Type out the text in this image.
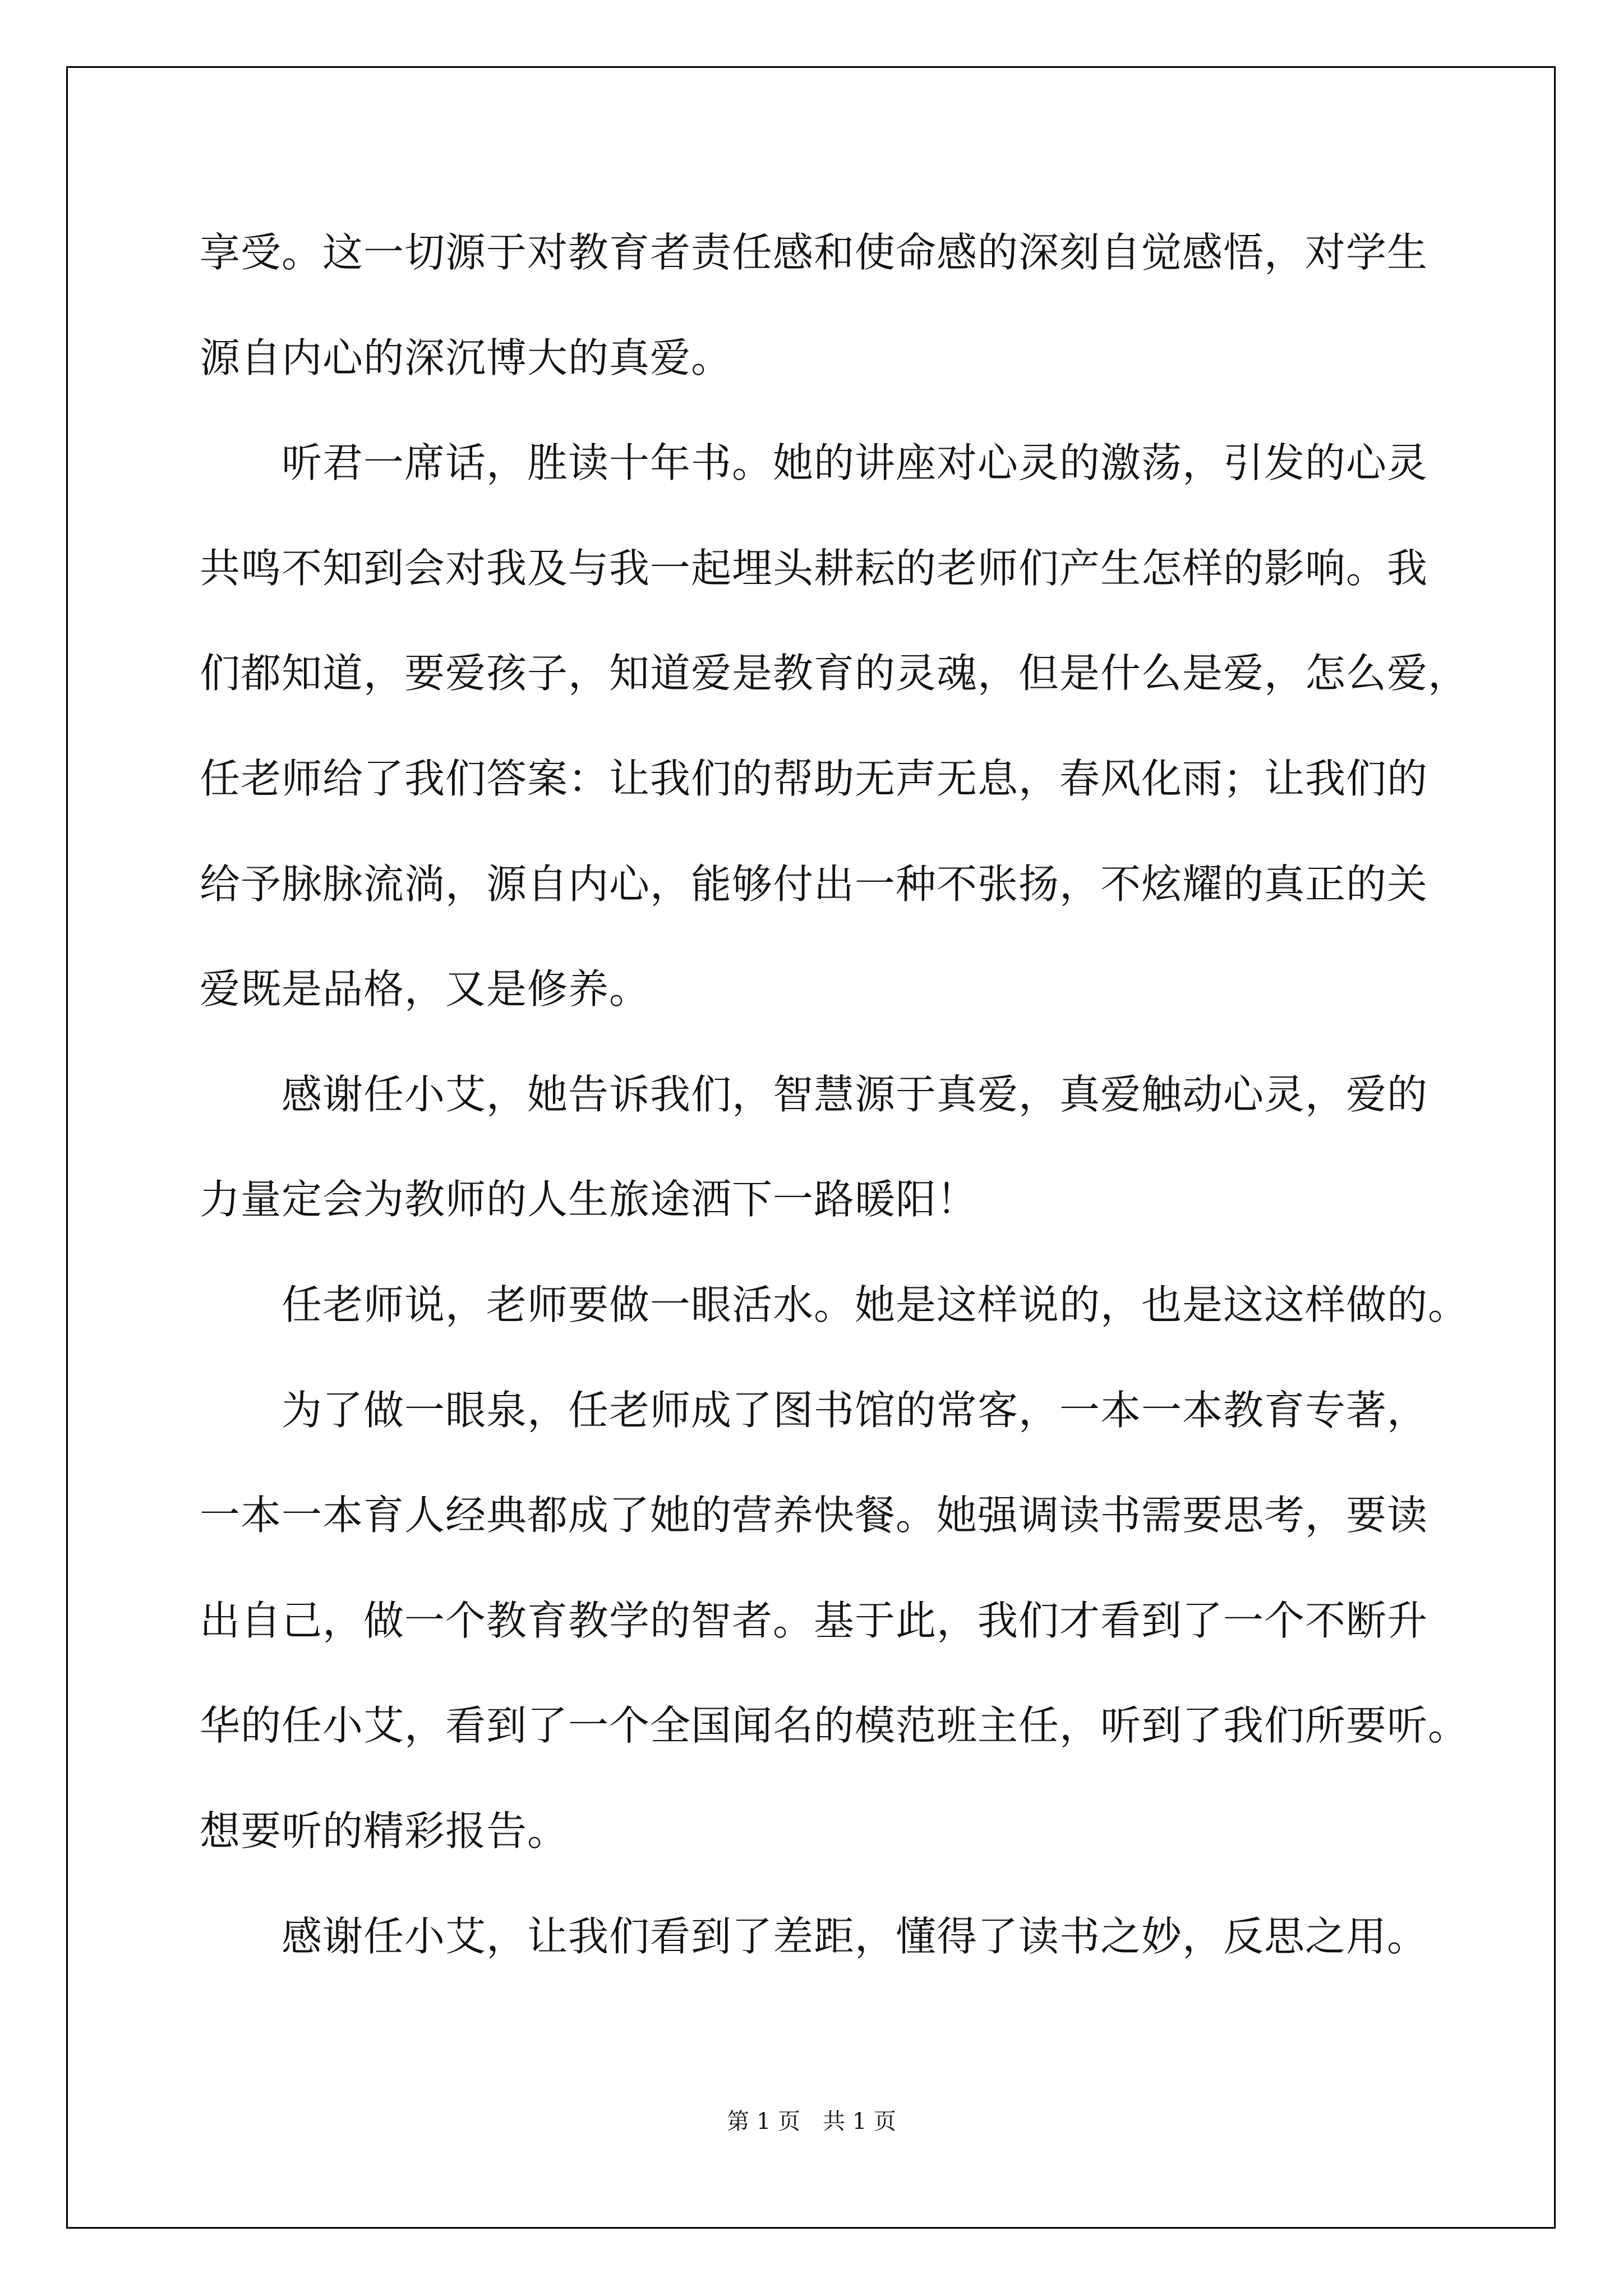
享受。这一切源于对教育者责任感和使命感的深刻自觉感悟，对学生
源自内心的深沉博大的真爱。
听君一席话，胜读十年书。她的讲座对心灵的激荡，引发的心灵
共鸣不知到会对我及与我一起埋头耕耘的老师们产生怎样的影响。我
们都知道，要爱孩子，知道爱是教育的灵魂，但是什么是爱，怎么爱，
任老师给了我们答案：让我们的帮助无声无息，春风化雨；让我们的
给予脉脉流淌，源自内心，能够付出一种不张扬，不炫耀的真正的关
爱既是品格，又是修养。
感谢任小艾，她告诉我们，智慧源于真爱，真爱触动心灵，爱的
力量定会为教师的人生旅途洒下一路暖阳！
任老师说，老师要做一眼活水。她是这样说的，也是这这样做的。
为了做一眼泉，任老师成了图书馆的常客，一本一本教育专著，
一本一本育人经典都成了她的营养快餐。她强调读书需要思考，要读
出自己，做一个教育教学的智者。基于此，我们才看到了一个不断升
华的任小艾，看到了一个全国闻名的模范班主任，听到了我们所要听。
想要听的精彩报告。
感谢任小艾，让我们看到了差距，懂得了读书之妙，反思之用。
第 1 页　共 1 页
